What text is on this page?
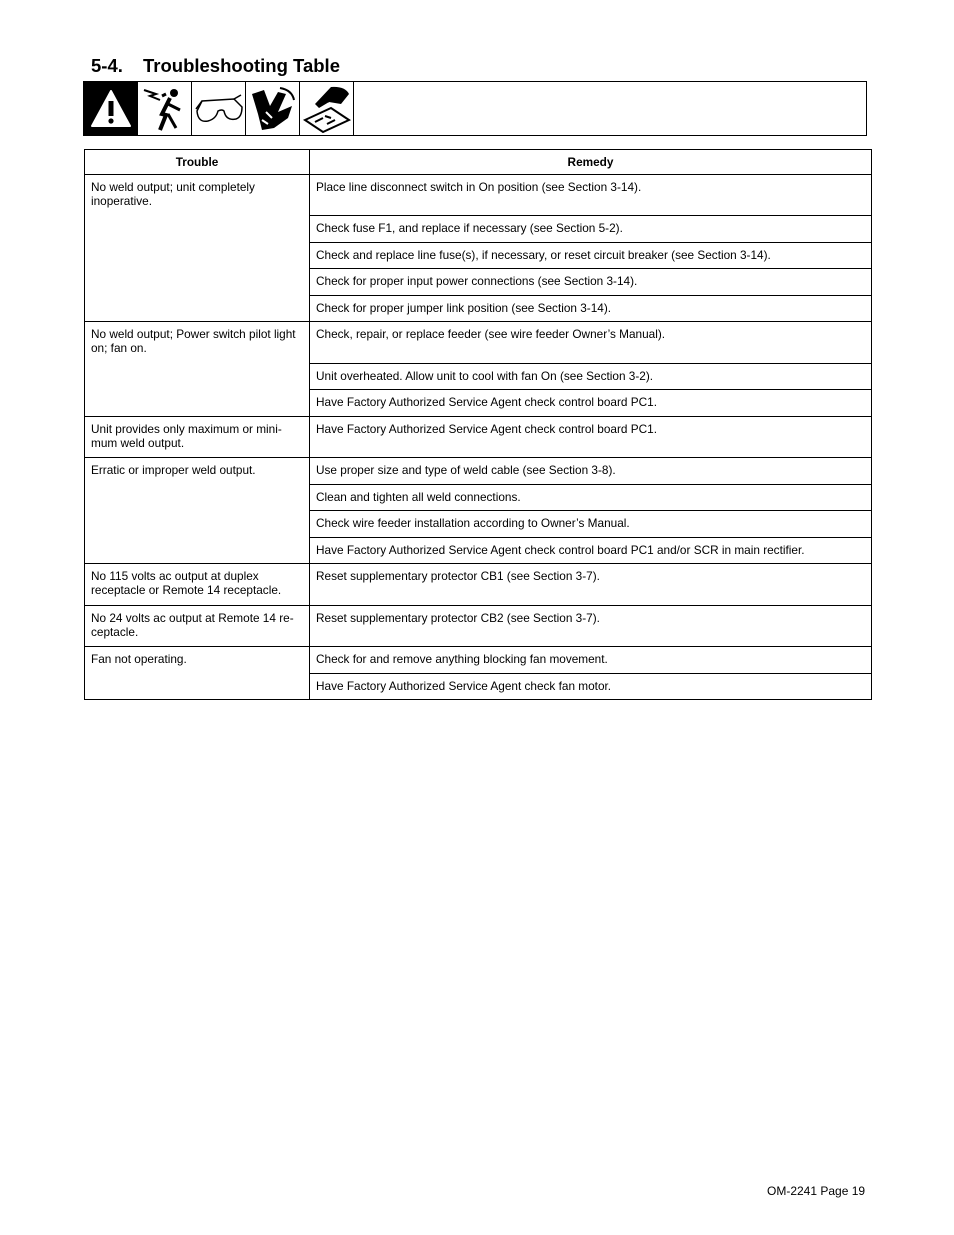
5-4. Troubleshooting Table
Trouble	Remedy
No weld output; unit completely inoperative.	Place line disconnect switch in On position (see Section 3-14).
	Check fuse F1, and replace if necessary (see Section 5-2).
	Check and replace line fuse(s), if necessary, or reset circuit breaker (see Section 3-14).
	Check for proper input power connections (see Section 3-14).
	Check for proper jumper link position (see Section 3-14).
No weld output; Power switch pilot light on; fan on.	Check, repair, or replace feeder (see wire feeder Owner’s Manual).
	Unit overheated. Allow unit to cool with fan On (see Section 3-2).
	Have Factory Authorized Service Agent check control board PC1.
Unit provides only maximum or mini-mum weld output.	Have Factory Authorized Service Agent check control board PC1.
Erratic or improper weld output.	Use proper size and type of weld cable (see Section 3-8).
	Clean and tighten all weld connections.
	Check wire feeder installation according to Owner’s Manual.
	Have Factory Authorized Service Agent check control board PC1 and/or SCR in main rectifier.
No 115 volts ac output at duplex receptacle or Remote 14 receptacle.	Reset supplementary protector CB1 (see Section 3-7).
No 24 volts ac output at Remote 14 re-ceptacle.	Reset supplementary protector CB2 (see Section 3-7).
Fan not operating.	Check for and remove anything blocking fan movement.
	Have Factory Authorized Service Agent check fan motor.
OM-2241 Page 19
